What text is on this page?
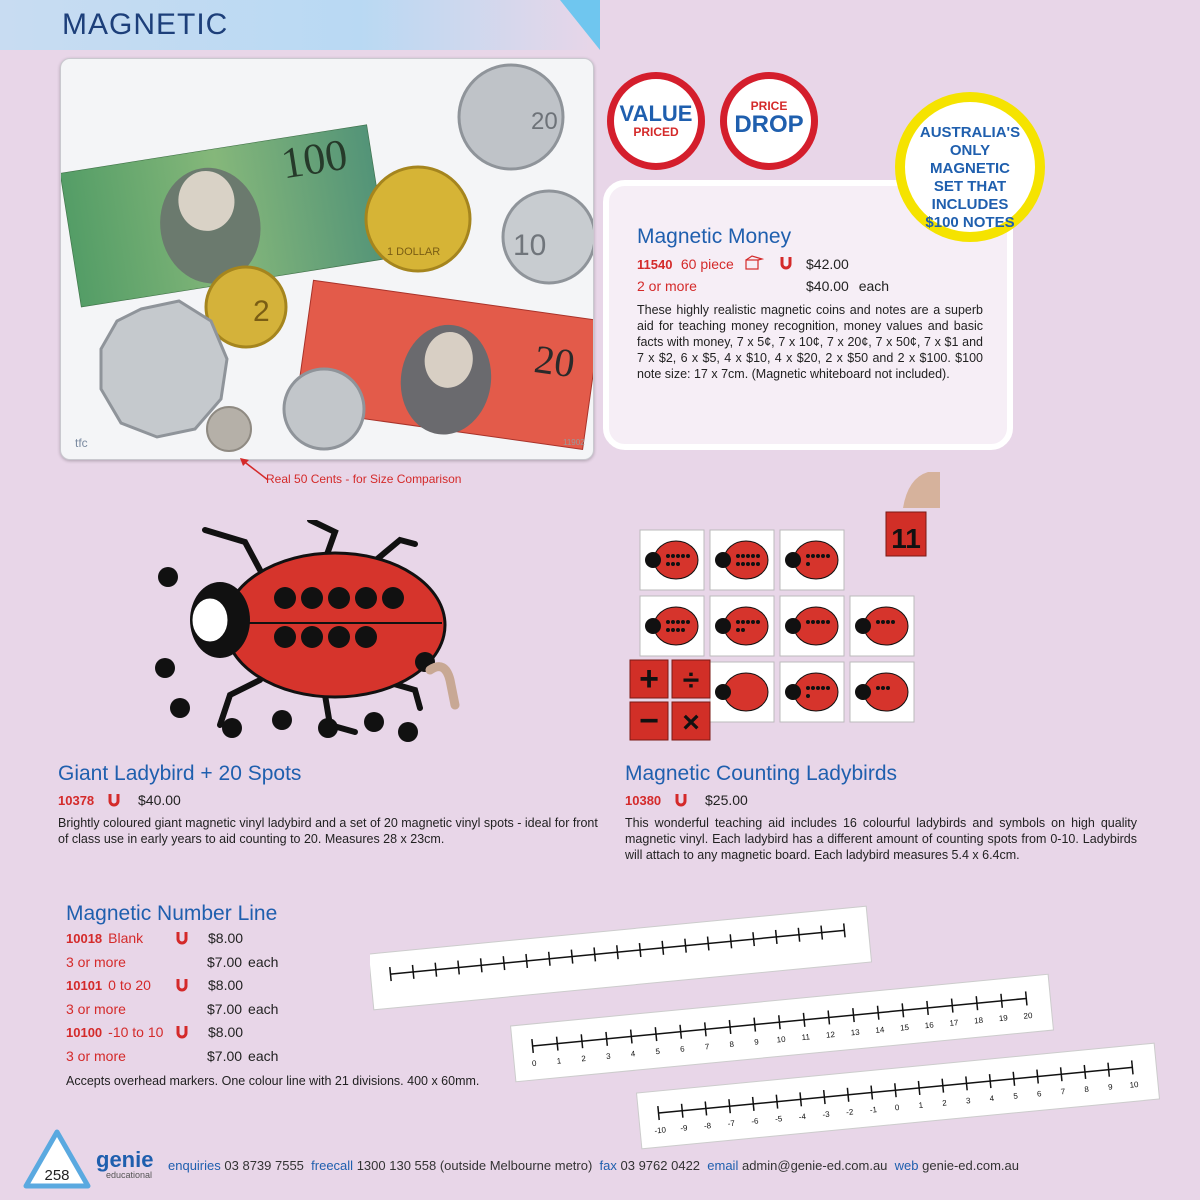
MAGNETIC
100
20
20
10
1 DOLLAR
2
tfc	11902
Real 50 Cents - for Size Comparison
VALUE
PRICED
PRICE
DROP	AUSTRALIA'S
ONLY
MAGNETIC
SET THAT
INCLUDES
$100 NOTES
Magnetic Money
11540 60 piece	$42.00
2 or more	$40.00 each
These highly realistic magnetic coins and notes are a superb aid for teaching money recognition, money values and basic facts with money, 7 x 5¢, 7 x 10¢, 7 x 20¢, 7 x 50¢, 7 x $1 and 7 x $2, 6 x $5, 4 x $10, 4 x $20, 2 x $50 and 2 x $100. $100 note size: 17 x 7cm. (Magnetic whiteboard not included).
+ ÷
− ×
11
Giant Ladybird + 20 Spots
10378	$40.00
Brightly coloured giant magnetic vinyl ladybird and a set of 20 magnetic vinyl spots - ideal for front of class use in early years to aid counting to 20. Measures 28 x 23cm.
Magnetic Counting Ladybirds
10380	$25.00
This wonderful teaching aid includes 16 colourful ladybirds and symbols on high quality magnetic vinyl. Each ladybird has a different amount of counting spots from 0-10. Ladybirds will attach to any magnetic board. Each ladybird measures 5.4 x 6.4cm.
Magnetic Number Line
10018 Blank	$8.00
3 or more	$7.00 each
10101 0 to 20	$8.00
3 or more	$7.00 each
10100 -10 to 10	$8.00
3 or more	$7.00 each
Accepts overhead markers. One colour line with 21 divisions. 400 x 60mm.
0 1 2 3 4 5 6 7 8 9 10 11 12 13 14 15 16 17 18 19 20
-10 -9 -8 -7 -6 -5 -4 -3 -2 -1 0 1 2 3 4 5 6 7 8 9 10
258
genie
educational
enquiries 03 8739 7555 freecall 1300 130 558 (outside Melbourne metro) fax 03 9762 0422 email admin@genie-ed.com.au web genie-ed.com.au
